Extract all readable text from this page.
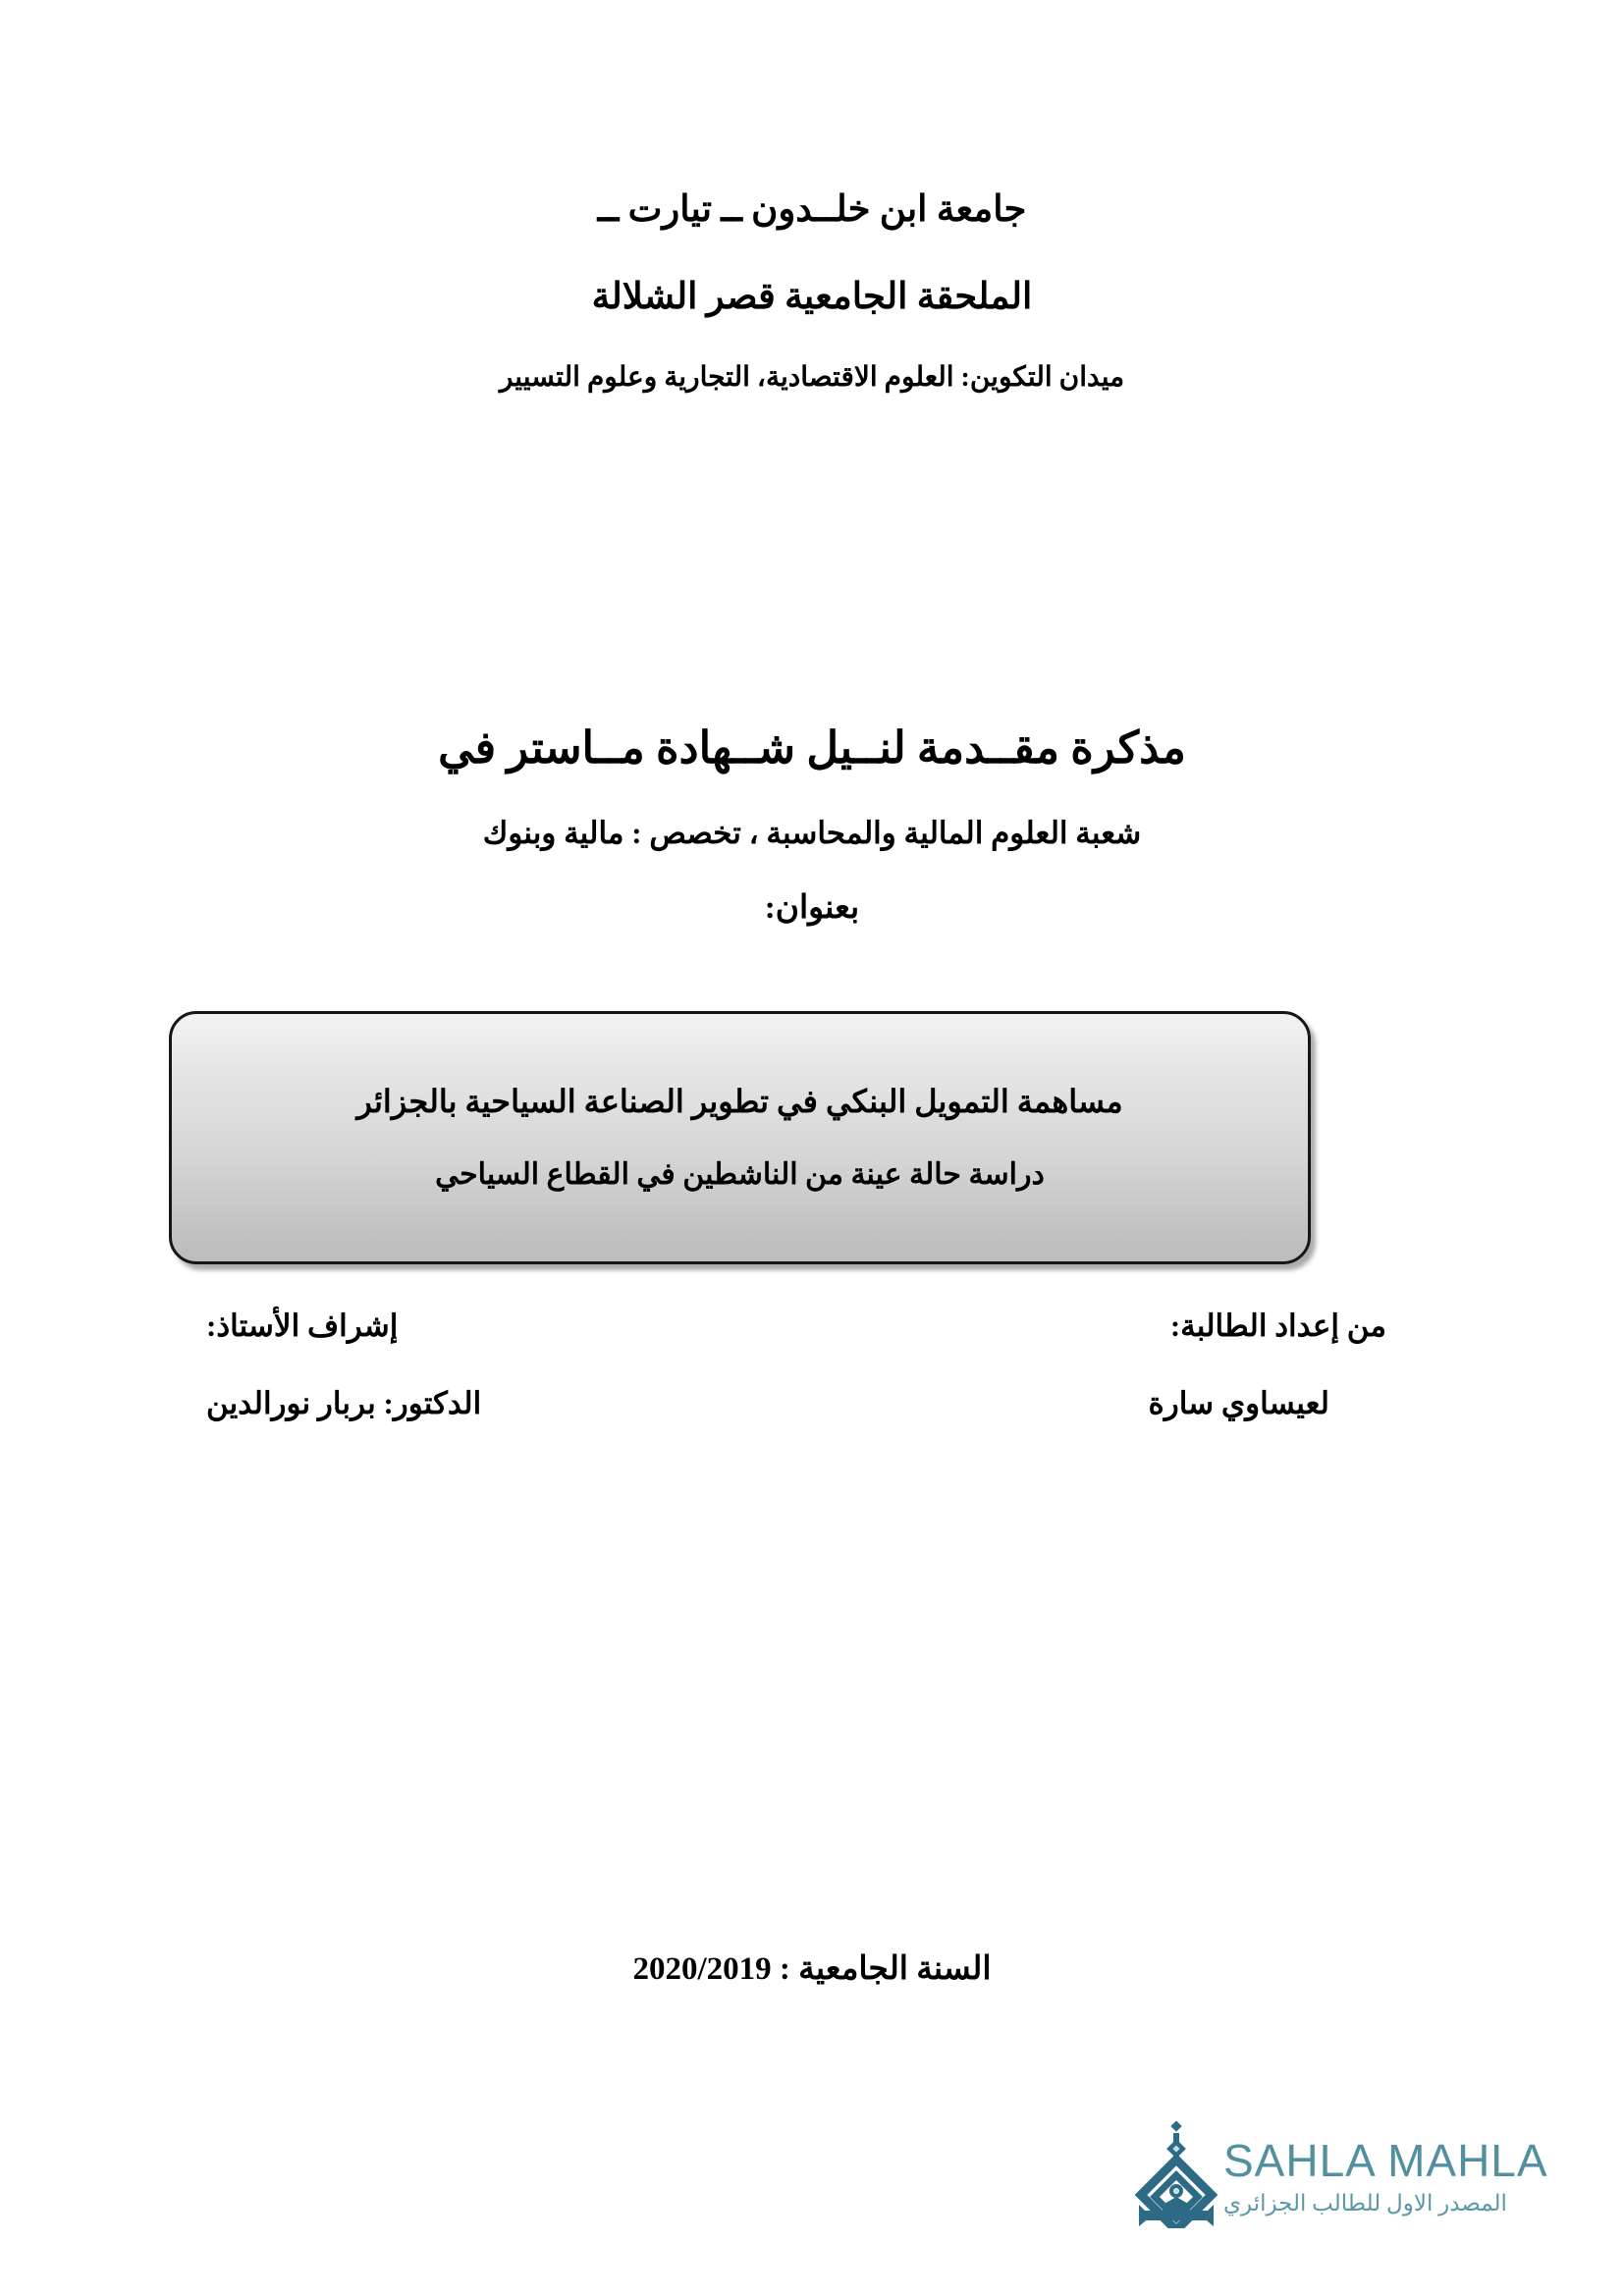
جامعة ابن خلــدون ــ تيارت ــ
الملحقة الجامعية قصر الشلالة
ميدان التكوين: العلوم الاقتصادية، التجارية وعلوم التسيير
مذكرة مقــدمة لنــيل شــهادة مــاستر في
شعبة العلوم المالية والمحاسبة ، تخصص : مالية وبنوك
بعنوان:
مساهمة التمويل البنكي في تطوير الصناعة السياحية بالجزائر
دراسة حالة عينة من الناشطين في القطاع السياحي
من إعداد الطالبة:
إشراف الأستاذ:
لعيساوي سارة
الدكتور: بربار نورالدين
السنة الجامعية : 2020/2019
SAHLA MAHLA
المصدر الاول للطالب الجزائري
